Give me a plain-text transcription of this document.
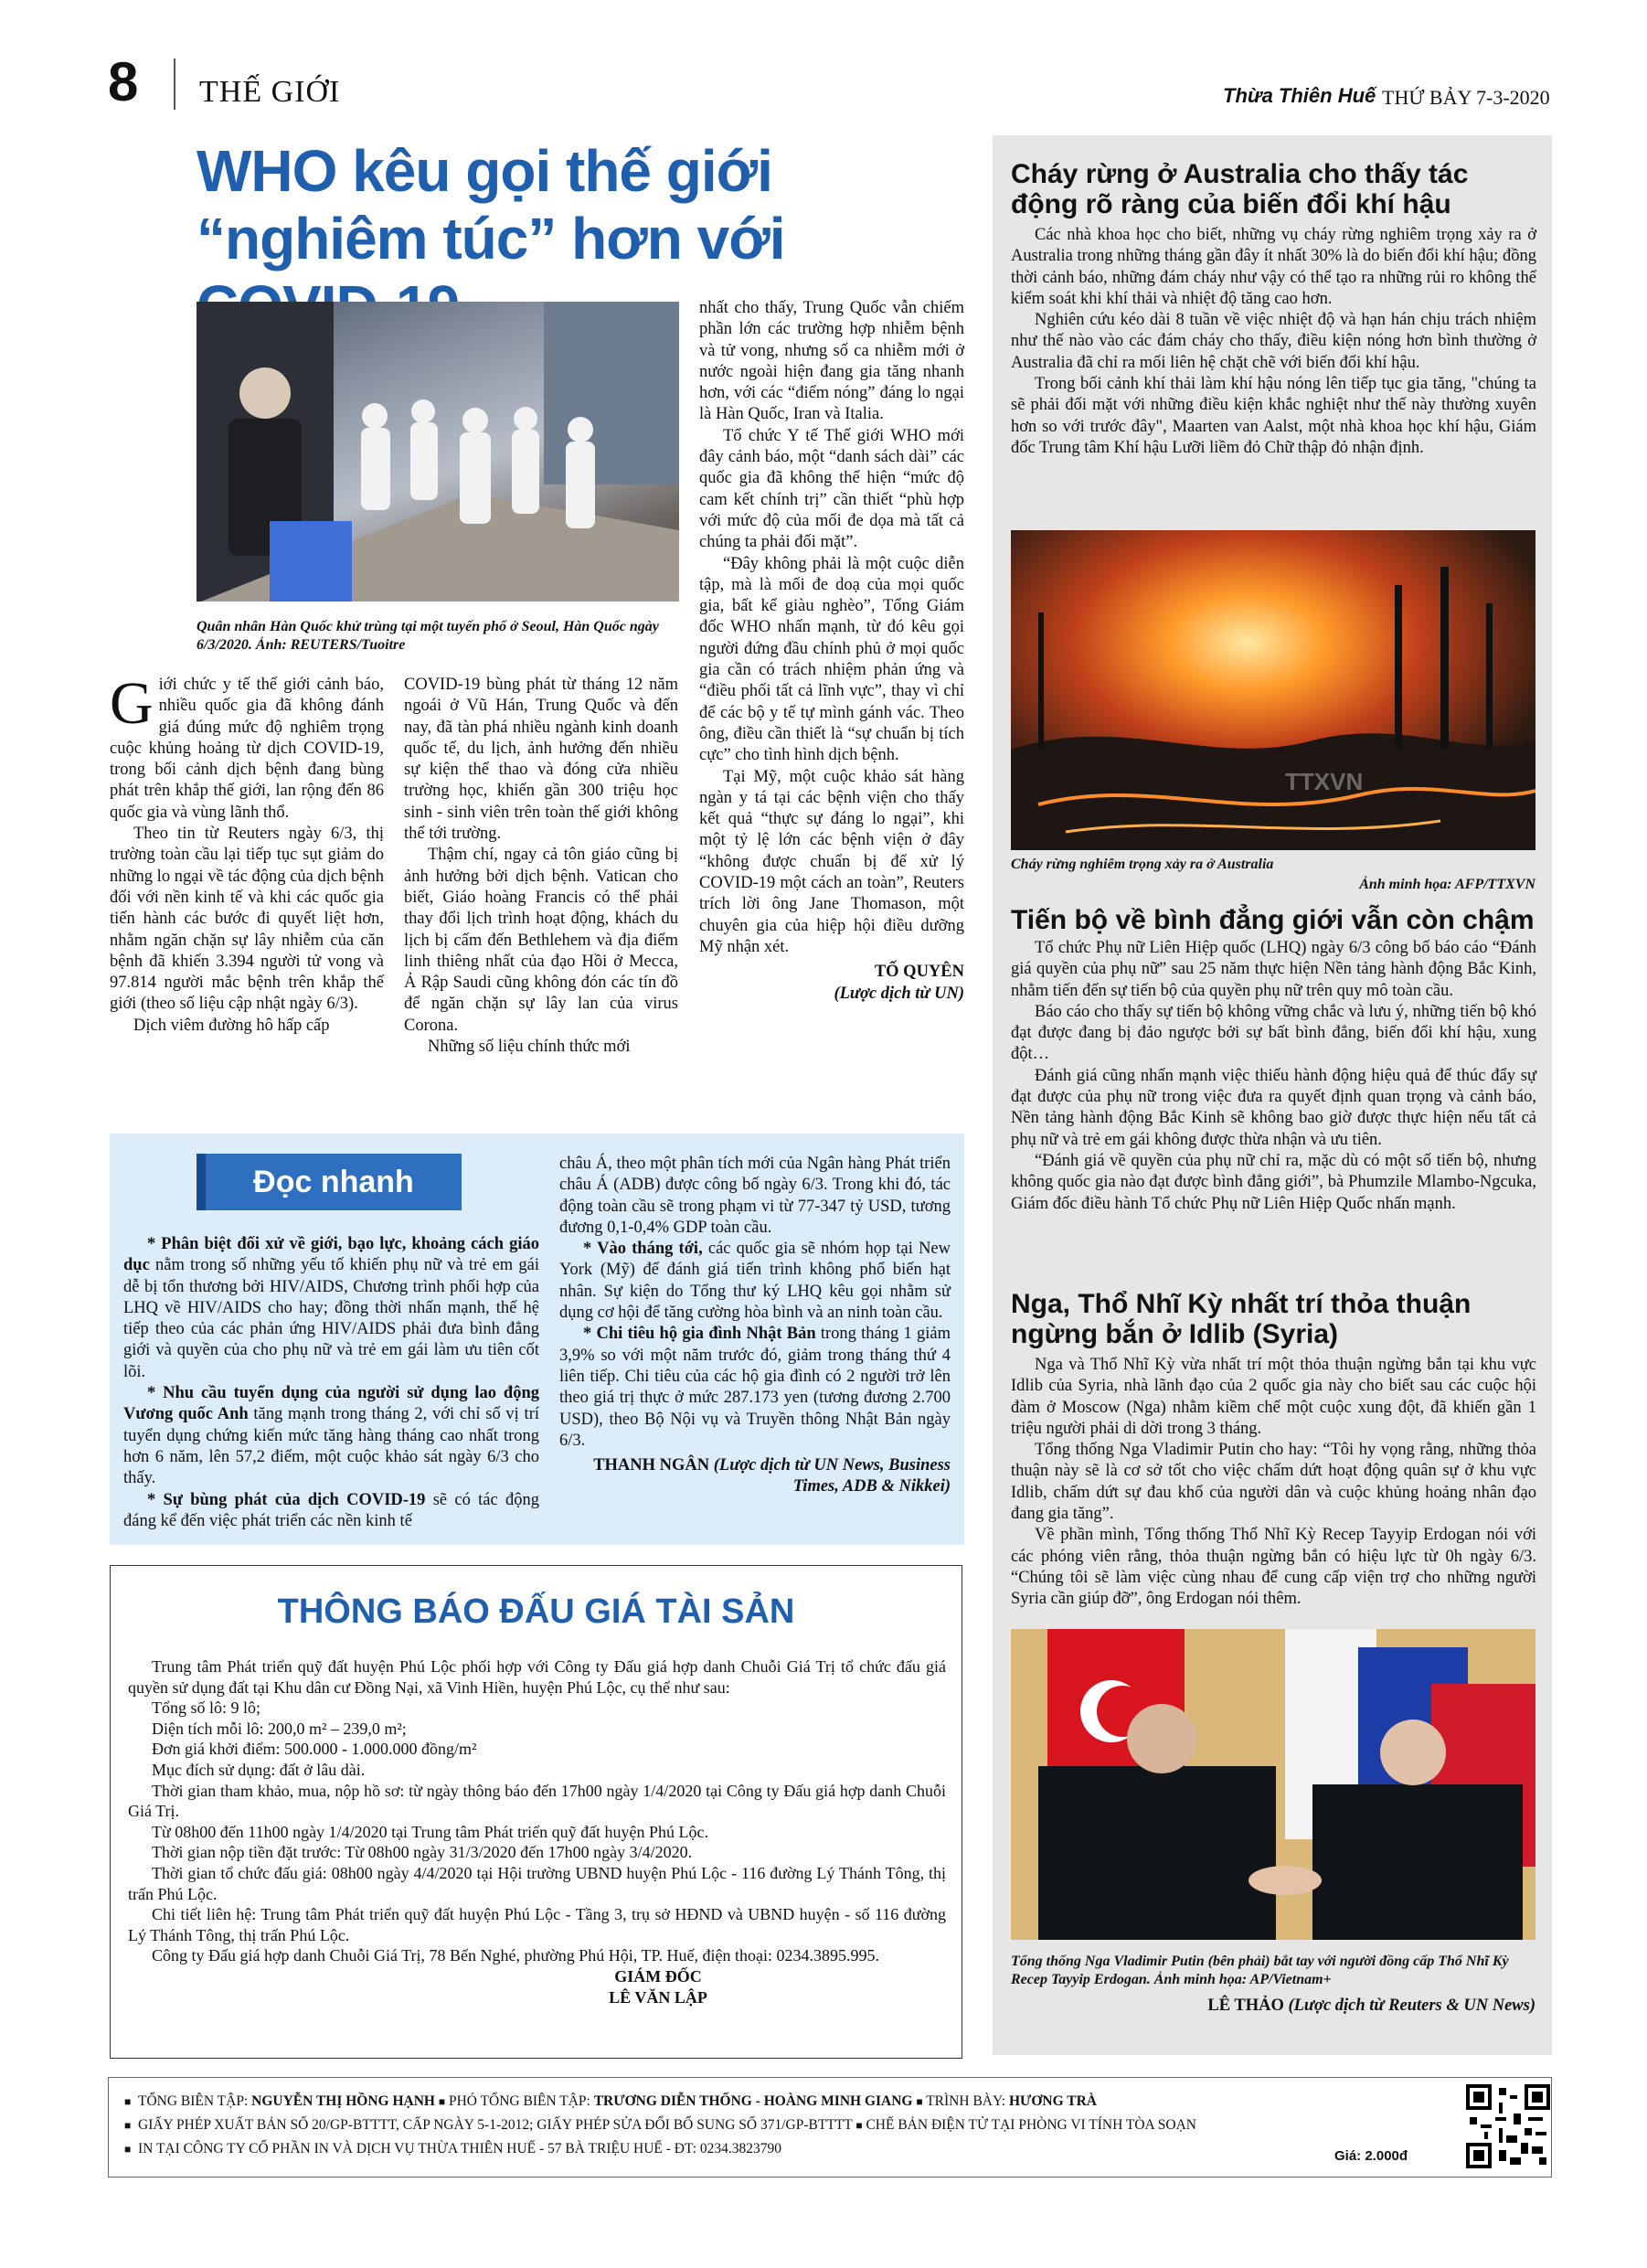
8 THẾ GIỚI	Thừa Thiên Huế THỨ BẢY 7-3-2020
WHO kêu gọi thế giới
“nghiêm túc” hơn với
Quân nhân Hàn Quốc khử trùng tại một tuyến phố ở Seoul, Hàn Quốc ngày 6/3/2020. Ảnh: REUTERS/Tuoitre

Giới chức y tế thế giới cảnh báo, nhiều quốc gia đã không đánh giá đúng mức độ nghiêm trọng cuộc khủng hoảng từ dịch COVID-19, trong bối cảnh dịch bệnh đang bùng phát trên khắp thế giới, lan rộng đến 86 quốc gia và vùng lãnh thổ.

Theo tin từ Reuters ngày 6/3, thị trường toàn cầu lại tiếp tục sụt giảm do những lo ngại về tác động của dịch bệnh đối với nền kinh tế và khi các quốc gia tiến hành các bước đi quyết liệt hơn, nhằm ngăn chặn sự lây nhiễm của căn bệnh đã khiến 3.394 người tử vong và 97.814 người mắc bệnh trên khắp thế giới (theo số liệu cập nhật ngày 6/3).

Dịch viêm đường hô hấp cấp

COVID-19 bùng phát từ tháng 12 năm ngoái ở Vũ Hán, Trung Quốc và đến nay, đã tàn phá nhiều ngành kinh doanh quốc tế, du lịch, ảnh hưởng đến nhiều sự kiện thể thao và đóng cửa nhiều trường học, khiến gần 300 triệu học sinh - sinh viên trên toàn thế giới không thể tới trường.

Thậm chí, ngay cả tôn giáo cũng bị ảnh hưởng bởi dịch bệnh. Vatican cho biết, Giáo hoàng Francis có thể phải thay đổi lịch trình hoạt động, khách du lịch bị cấm đến Bethlehem và địa điểm linh thiêng nhất của đạo Hồi ở Mecca, Ả Rập Saudi cũng không đón các tín đồ để ngăn chặn sự lây lan của virus Corona.

Những số liệu chính thức mới

nhất cho thấy, Trung Quốc vẫn chiếm phần lớn các trường hợp nhiễm bệnh và tử vong, nhưng số ca nhiễm mới ở nước ngoài hiện đang gia tăng nhanh hơn, với các “điểm nóng” đáng lo ngại là Hàn Quốc, Iran và Italia.

Tổ chức Y tế Thế giới WHO mới đây cảnh báo, một “danh sách dài” các quốc gia đã không thể hiện “mức độ cam kết chính trị” cần thiết “phù hợp với mức độ của mối đe dọa mà tất cả chúng ta phải đối mặt”.

“Đây không phải là một cuộc diễn tập, mà là mối đe doạ của mọi quốc gia, bất kể giàu nghèo”, Tổng Giám đốc WHO nhấn mạnh, từ đó kêu gọi người đứng đầu chính phủ ở mọi quốc gia cần có trách nhiệm phản ứng và “điều phối tất cả lĩnh vực”, thay vì chỉ để các bộ y tế tự mình gánh vác. Theo ông, điều cần thiết là “sự chuẩn bị tích cực” cho tình hình dịch bệnh.

Tại Mỹ, một cuộc khảo sát hàng ngàn y tá tại các bệnh viện cho thấy kết quả “thực sự đáng lo ngại”, khi một tỷ lệ lớn các bệnh viện ở đây “không được chuẩn bị để xử lý COVID-19 một cách an toàn”, Reuters trích lời ông Jane Thomason, một chuyên gia của hiệp hội điều dưỡng Mỹ nhận xét.

TỐ QUYÊN
(Lược dịch từ UN)
Đọc nhanh

* Phân biệt đối xử về giới, bạo lực, khoảng cách giáo dục nằm trong số những yếu tố khiến phụ nữ và trẻ em gái dễ bị tổn thương bởi HIV/AIDS, Chương trình phối hợp của LHQ về HIV/AIDS cho hay; đồng thời nhấn mạnh, thế hệ tiếp theo của các phản ứng HIV/AIDS phải đưa bình đẳng giới và quyền của cho phụ nữ và trẻ em gái làm ưu tiên cốt lõi.

* Nhu cầu tuyển dụng của người sử dụng lao động Vương quốc Anh tăng mạnh trong tháng 2, với chỉ số vị trí tuyển dụng chứng kiến mức tăng hàng tháng cao nhất trong hơn 6 năm, lên 57,2 điểm, một cuộc khảo sát ngày 6/3 cho thấy.

* Sự bùng phát của dịch COVID-19 sẽ có tác động đáng kể đến việc phát triển các nền kinh tế

châu Á, theo một phân tích mới của Ngân hàng Phát triển châu Á (ADB) được công bố ngày 6/3. Trong khi đó, tác động toàn cầu sẽ trong phạm vi từ 77-347 tỷ USD, tương đương 0,1-0,4% GDP toàn cầu.

* Vào tháng tới, các quốc gia sẽ nhóm họp tại New York (Mỹ) để đánh giá tiến trình không phổ biến hạt nhân. Sự kiện do Tổng thư ký LHQ kêu gọi nhằm sử dụng cơ hội để tăng cường hòa bình và an ninh toàn cầu.

* Chi tiêu hộ gia đình Nhật Bản trong tháng 1 giảm 3,9% so với một năm trước đó, giảm trong tháng thứ 4 liên tiếp. Chi tiêu của các hộ gia đình có 2 người trở lên theo giá trị thực ở mức 287.173 yen (tương đương 2.700 USD), theo Bộ Nội vụ và Truyền thông Nhật Bản ngày 6/3.

THANH NGÂN (Lược dịch từ UN News, Business Times, ADB & Nikkei)
THÔNG BÁO ĐẤU GIÁ TÀI SẢN

Trung tâm Phát triển quỹ đất huyện Phú Lộc phối hợp với Công ty Đấu giá hợp danh Chuỗi Giá Trị tổ chức đấu giá quyền sử dụng đất tại Khu dân cư Đồng Nại, xã Vinh Hiền, huyện Phú Lộc, cụ thể như sau:

Tổng số lô: 9 lô;

Diện tích mỗi lô: 200,0 m² – 239,0 m²;

Đơn giá khởi điểm: 500.000 - 1.000.000 đồng/m²

Mục đích sử dụng: đất ở lâu dài.

Thời gian tham khảo, mua, nộp hồ sơ: từ ngày thông báo đến 17h00 ngày 1/4/2020 tại Công ty Đấu giá hợp danh Chuỗi Giá Trị.

Từ 08h00 đến 11h00 ngày 1/4/2020 tại Trung tâm Phát triển quỹ đất huyện Phú Lộc.

Thời gian nộp tiền đặt trước: Từ 08h00 ngày 31/3/2020 đến 17h00 ngày 3/4/2020.

Thời gian tổ chức đấu giá: 08h00 ngày 4/4/2020 tại Hội trường UBND huyện Phú Lộc - 116 đường Lý Thánh Tông, thị trấn Phú Lộc.

Chi tiết liên hệ: Trung tâm Phát triển quỹ đất huyện Phú Lộc - Tầng 3, trụ sở HĐND và UBND huyện - số 116 đường Lý Thánh Tông, thị trấn Phú Lộc.

Công ty Đấu giá hợp danh Chuỗi Giá Trị, 78 Bến Nghé, phường Phú Hội, TP. Huế, điện thoại: 0234.3895.995.

GIÁM ĐỐC
LÊ VĂN LẬP
Cháy rừng ở Australia cho thấy tác động rõ ràng của biến đổi khí hậu

Các nhà khoa học cho biết, những vụ cháy rừng nghiêm trọng xảy ra ở Australia trong những tháng gần đây ít nhất 30% là do biến đổi khí hậu; đồng thời cảnh báo, những đám cháy như vậy có thể tạo ra những rủi ro không thể kiểm soát khi khí thải và nhiệt độ tăng cao hơn.

Nghiên cứu kéo dài 8 tuần về việc nhiệt độ và hạn hán chịu trách nhiệm như thế nào vào các đám cháy cho thấy, điều kiện nóng hơn bình thường ở Australia đã chỉ ra mối liên hệ chặt chẽ với biến đổi khí hậu.

Trong bối cảnh khí thải làm khí hậu nóng lên tiếp tục gia tăng, "chúng ta sẽ phải đối mặt với những điều kiện khắc nghiệt như thế này thường xuyên hơn so với trước đây", Maarten van Aalst, một nhà khoa học khí hậu, Giám đốc Trung tâm Khí hậu Lưỡi liềm đỏ Chữ thập đỏ nhận định.

TTXVN
Cháy rừng nghiêm trọng xảy ra ở Australia
Ảnh minh họa: AFP/TTXVN
Tiến bộ về bình đẳng giới vẫn còn chậm

Tổ chức Phụ nữ Liên Hiệp quốc (LHQ) ngày 6/3 công bố báo cáo “Đánh giá quyền của phụ nữ” sau 25 năm thực hiện Nền tảng hành động Bắc Kinh, nhằm tiến đến sự tiến bộ của quyền phụ nữ trên quy mô toàn cầu.

Báo cáo cho thấy sự tiến bộ không vững chắc và lưu ý, những tiến bộ khó đạt được đang bị đảo ngược bởi sự bất bình đẳng, biến đổi khí hậu, xung đột…

Đánh giá cũng nhấn mạnh việc thiếu hành động hiệu quả để thúc đẩy sự đạt được của phụ nữ trong việc đưa ra quyết định quan trọng và cảnh báo, Nền tảng hành động Bắc Kinh sẽ không bao giờ được thực hiện nếu tất cả phụ nữ và trẻ em gái không được thừa nhận và ưu tiên.

“Đánh giá về quyền của phụ nữ chỉ ra, mặc dù có một số tiến bộ, nhưng không quốc gia nào đạt được bình đẳng giới”, bà Phumzile Mlambo-Ngcuka, Giám đốc điều hành Tổ chức Phụ nữ Liên Hiệp Quốc nhấn mạnh.

Nga, Thổ Nhĩ Kỳ nhất trí thỏa thuận ngừng bắn ở Idlib (Syria)

Nga và Thổ Nhĩ Kỳ vừa nhất trí một thỏa thuận ngừng bắn tại khu vực Idlib của Syria, nhà lãnh đạo của 2 quốc gia này cho biết sau các cuộc hội đàm ở Moscow (Nga) nhằm kiềm chế một cuộc xung đột, đã khiến gần 1 triệu người phải di dời trong 3 tháng.

Tổng thống Nga Vladimir Putin cho hay: “Tôi hy vọng rằng, những thỏa thuận này sẽ là cơ sở tốt cho việc chấm dứt hoạt động quân sự ở khu vực Idlib, chấm dứt sự đau khổ của người dân và cuộc khủng hoảng nhân đạo đang gia tăng”.

Về phần mình, Tổng thống Thổ Nhĩ Kỳ Recep Tayyip Erdogan nói với các phóng viên rằng, thỏa thuận ngừng bắn có hiệu lực từ 0h ngày 6/3. “Chúng tôi sẽ làm việc cùng nhau để cung cấp viện trợ cho những người Syria cần giúp đỡ”, ông Erdogan nói thêm.

Tổng thống Nga Vladimir Putin (bên phải) bắt tay với người đồng cấp Thổ Nhĩ Kỳ Recep Tayyip Erdogan. Ảnh minh họa: AP/Vietnam+
LÊ THẢO (Lược dịch từ Reuters & UN News)
■ TỔNG BIÊN TẬP: NGUYỄN THỊ HỒNG HẠNH ■ PHÓ TỔNG BIÊN TẬP: TRƯƠNG DIỄN THỐNG - HOÀNG MINH GIANG ■ TRÌNH BÀY: HƯƠNG TRÀ
■ GIẤY PHÉP XUẤT BẢN SỐ 20/GP-BTTTT, CẤP NGÀY 5-1-2012; GIẤY PHÉP SỬA ĐỔI BỔ SUNG SỐ 371/GP-BTTTT ■ CHẾ BẢN ĐIỆN TỬ TẠI PHÒNG VI TÍNH TÒA SOẠN
■ IN TẠI CÔNG TY CỔ PHẦN IN VÀ DỊCH VỤ THỪA THIÊN HUẾ - 57 BÀ TRIỆU HUẾ - ĐT: 0234.3823790	Giá: 2.000đ
